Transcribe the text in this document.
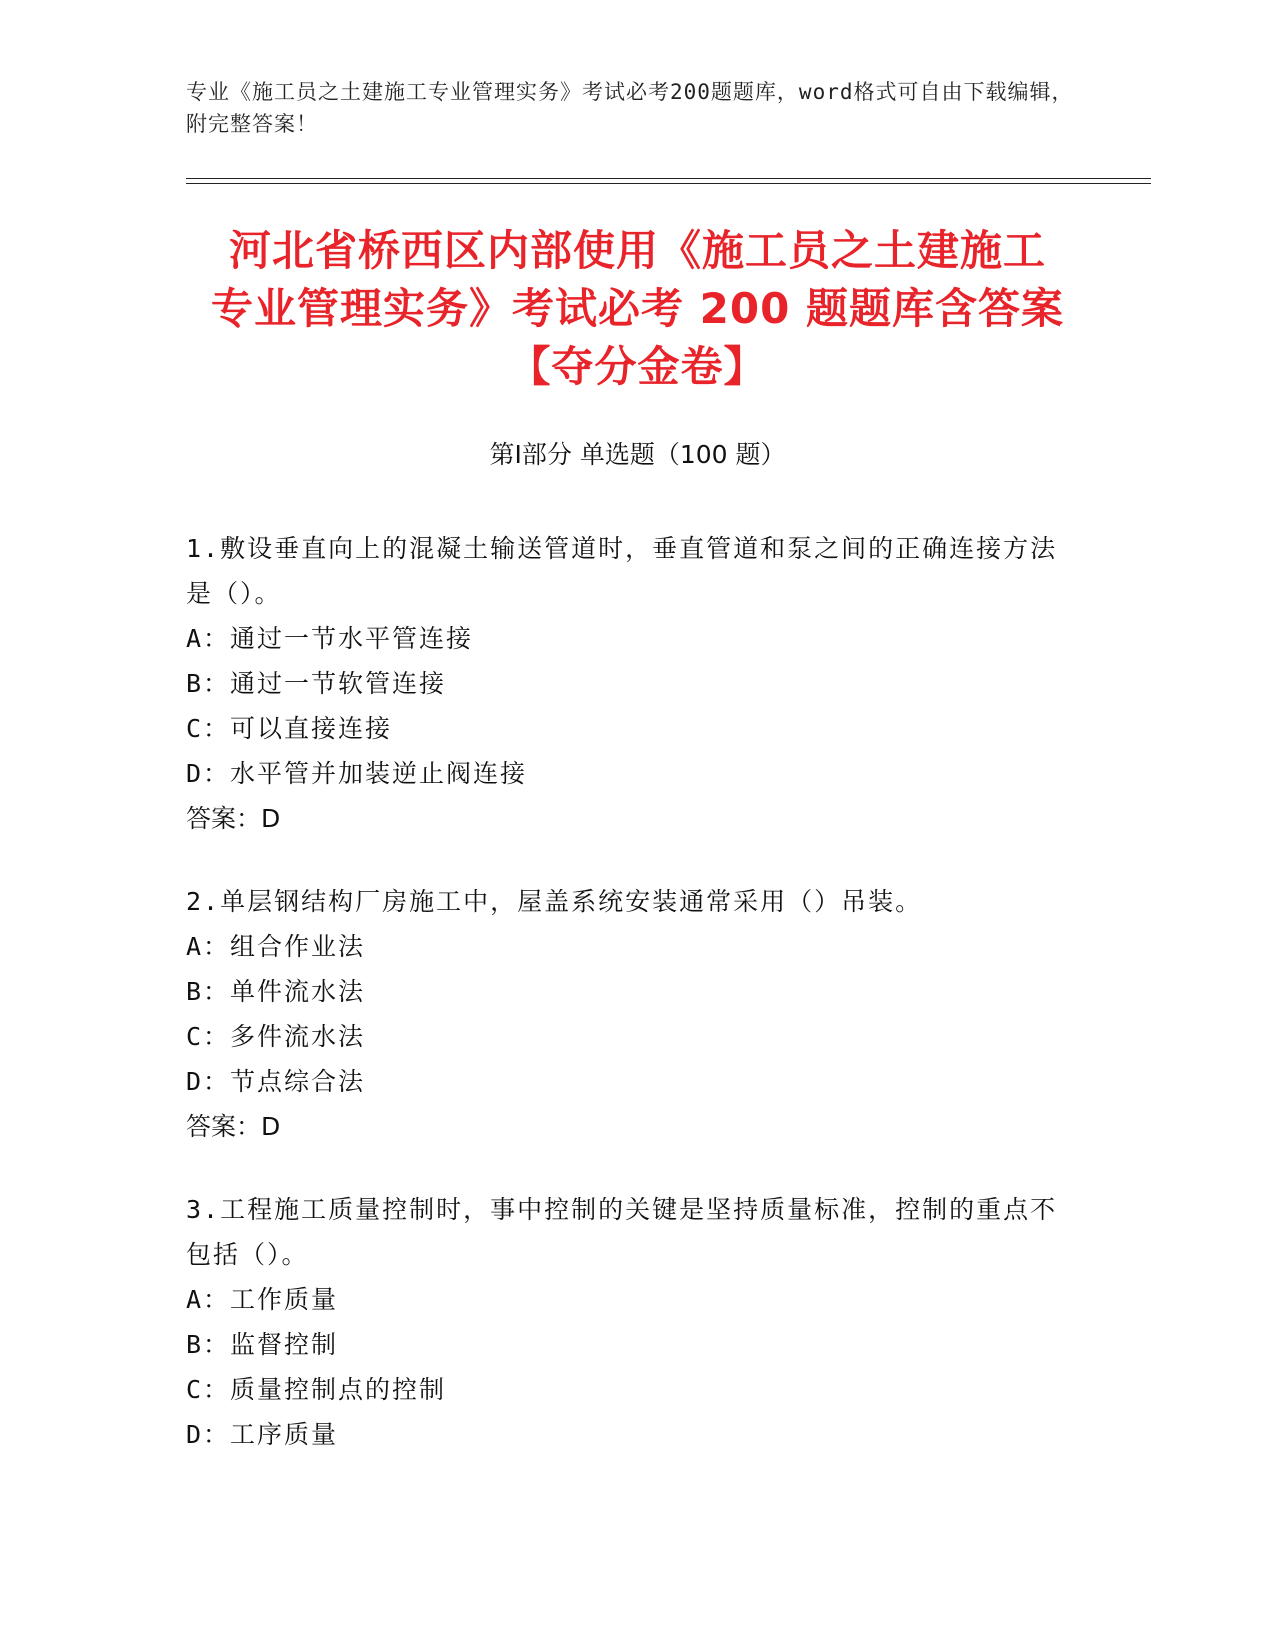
专业《施工员之土建施工专业管理实务》考试必考200题题库，word格式可自由下载编辑，附完整答案！
河北省桥西区内部使用《施工员之土建施工
专业管理实务》考试必考 200 题题库含答案
【夺分金卷】
第Ⅰ部分 单选题（100 题）
1.敷设垂直向上的混凝土输送管道时，垂直管道和泵之间的正确连接方法是（）。
A：通过一节水平管连接
B：通过一节软管连接
C：可以直接连接
D：水平管并加装逆止阀连接
答案：D
2.单层钢结构厂房施工中，屋盖系统安装通常采用（）吊装。
A：组合作业法
B：单件流水法
C：多件流水法
D：节点综合法
答案：D
3.工程施工质量控制时，事中控制的关键是坚持质量标准，控制的重点不包括（）。
A：工作质量
B：监督控制
C：质量控制点的控制
D：工序质量
